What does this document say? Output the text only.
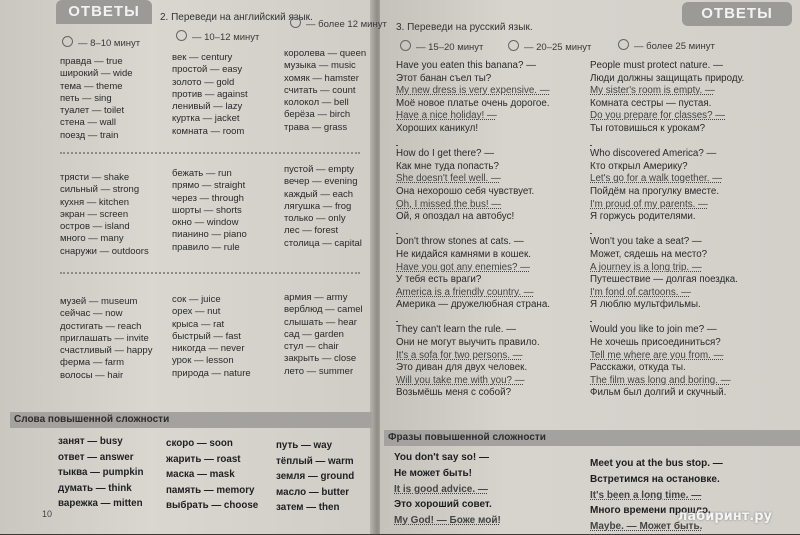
ОТВЕТЫ	2. Переведи на английский язык.
— 8–10 минут
— 10–12 минут
— более 12 минут
правда — true
широкий — wide
тема — theme
петь — sing
туалет — toilet
стена — wall
поезд — train
век — century
простой — easy
золото — gold
против — against
ленивый — lazy
куртка — jacket
комната — room
королева — queen
музыка — music
хомяк — hamster
считать — count
колокол — bell
берёза — birch
трава — grass
трясти — shake
сильный — strong
кухня — kitchen
экран — screen
остров — island
много — many
снаружи — outdoors
бежать — run
прямо — straight
через — through
шорты — shorts
окно — window
пианино — piano
правило — rule
пустой — empty
вечер — evening
каждый — each
лягушка — frog
только — only
лес — forest
столица — capital
музей — museum
сейчас — now
достигать — reach
приглашать — invite
счастливый — happy
ферма — farm
волосы — hair
сок — juice
орех — nut
крыса — rat
быстрый — fast
никогда — never
урок — lesson
природа — nature
армия — army
верблюд — camel
слышать — hear
сад — garden
стул — chair
закрыть — close
лето — summer
занят — busy
ответ — answer
тыква — pumpkin
думать — think
варежка — mitten
скоро — soon
жарить — roast
маска — mask
память — memory
выбрать — choose
путь — way
тёплый — warm
земля — ground
масло — butter
затем — then
Слова повышенной сложности
10
ОТВЕТЫ
3. Переведи на русский язык.
— 15–20 минут	— 20–25 минут	— более 25 минут
Have you eaten this banana? —
Этот банан съел ты?
My new dress is very expensive. —
Моё новое платье очень дорогое.
Have a nice holiday! —
Хороших каникул!

How do I get there? —
Как мне туда попасть?
She doesn't feel well. —
Она нехорошо себя чувствует.
Oh, I missed the bus! —
Ой, я опоздал на автобус!

Don't throw stones at cats. —
Не кидайся камнями в кошек.
Have you got any enemies? —
У тебя есть враги?
America is a friendly country. —
Америка — дружелюбная страна.

They can't learn the rule. —
Они не могут выучить правило.
It's a sofa for two persons. —
Это диван для двух человек.
Will you take me with you? —
Возьмёшь меня с собой?
People must protect nature. —
Люди должны защищать природу.
My sister's room is empty. —
Комната сестры — пустая.
Do you prepare for classes? —
Ты готовишься к урокам?

Who discovered America? —
Кто открыл Америку?
Let's go for a walk together. —
Пойдём на прогулку вместе.
I'm proud of my parents. —
Я горжусь родителями.

Won't you take a seat? —
Может, сядешь на место?
A journey is a long trip. —
Путешествие — долгая поездка.
I'm fond of cartoons. —
Я люблю мультфильмы.

Would you like to join me? —
Не хочешь присоединиться?
Tell me where are you from. —
Расскажи, откуда ты.
The film was long and boring. —
Фильм был долгий и скучный.
You don't say so! —
Не может быть!
It is good advice. —
Это хороший совет.
My God! — Боже мой!
Meet you at the bus stop. —
Встретимся на остановке.
It's been a long time. —
Много времени прошло.
Maybe. — Может быть.
Фразы повышенной сложности
лабиринт.ру
